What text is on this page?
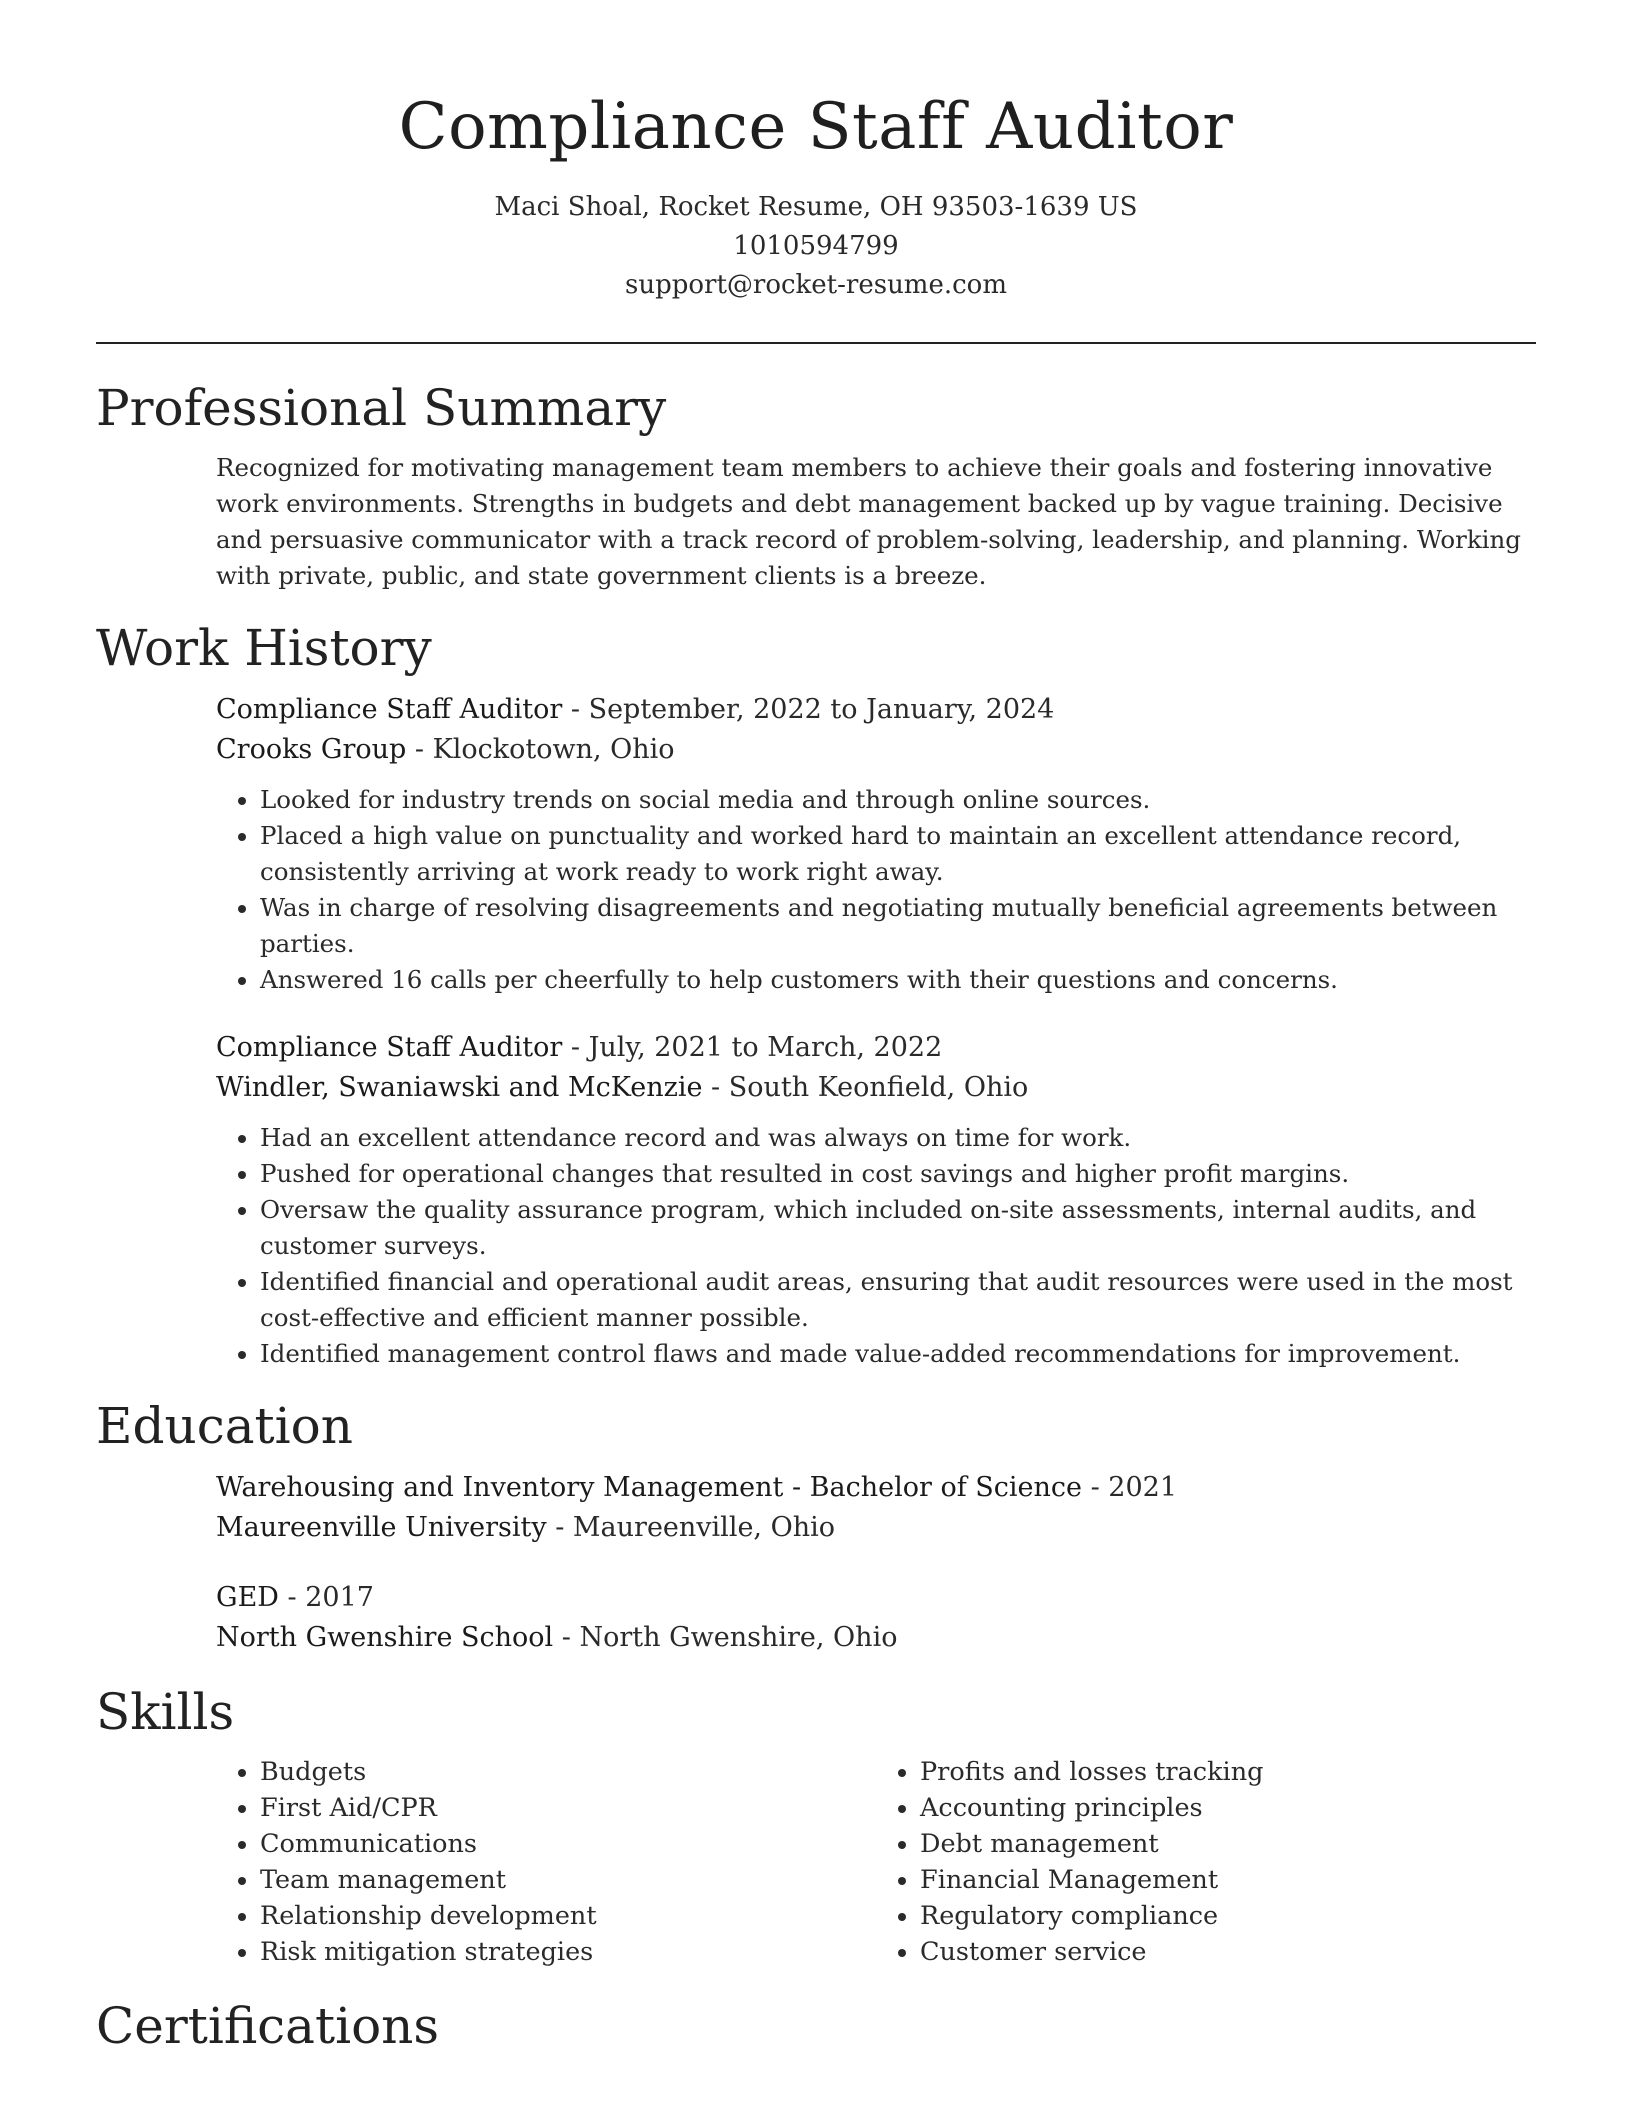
Compliance Staff Auditor
Maci Shoal, Rocket Resume, OH 93503-1639 US
1010594799
support@rocket-resume.com
Professional Summary

Recognized for motivating management team members to achieve their goals and fostering innovative work environments. Strengths in budgets and debt management backed up by vague training. Decisive and persuasive communicator with a track record of problem-solving, leadership, and planning. Working with private, public, and state government clients is a breeze.

Work History
Compliance Staff Auditor - September, 2022 to January, 2024
Crooks Group - Klockotown, Ohio
• Looked for industry trends on social media and through online sources.
• Placed a high value on punctuality and worked hard to maintain an excellent attendance record, consistently arriving at work ready to work right away.
• Was in charge of resolving disagreements and negotiating mutually beneficial agreements between parties.
• Answered 16 calls per cheerfully to help customers with their questions and concerns.
Compliance Staff Auditor - July, 2021 to March, 2022
Windler, Swaniawski and McKenzie - South Keonfield, Ohio
• Had an excellent attendance record and was always on time for work.
• Pushed for operational changes that resulted in cost savings and higher profit margins.
• Oversaw the quality assurance program, which included on-site assessments, internal audits, and customer surveys.
• Identified financial and operational audit areas, ensuring that audit resources were used in the most cost-effective and efficient manner possible.
• Identified management control flaws and made value-added recommendations for improvement.
Education
Warehousing and Inventory Management - Bachelor of Science - 2021
Maureenville University - Maureenville, Ohio
GED - 2017
North Gwenshire School - North Gwenshire, Ohio
Skills
• Budgets
• First Aid/CPR
• Communications
• Team management
• Relationship development
• Risk mitigation strategies
• Profits and losses tracking
• Accounting principles
• Debt management
• Financial Management
• Regulatory compliance
• Customer service
Certifications
